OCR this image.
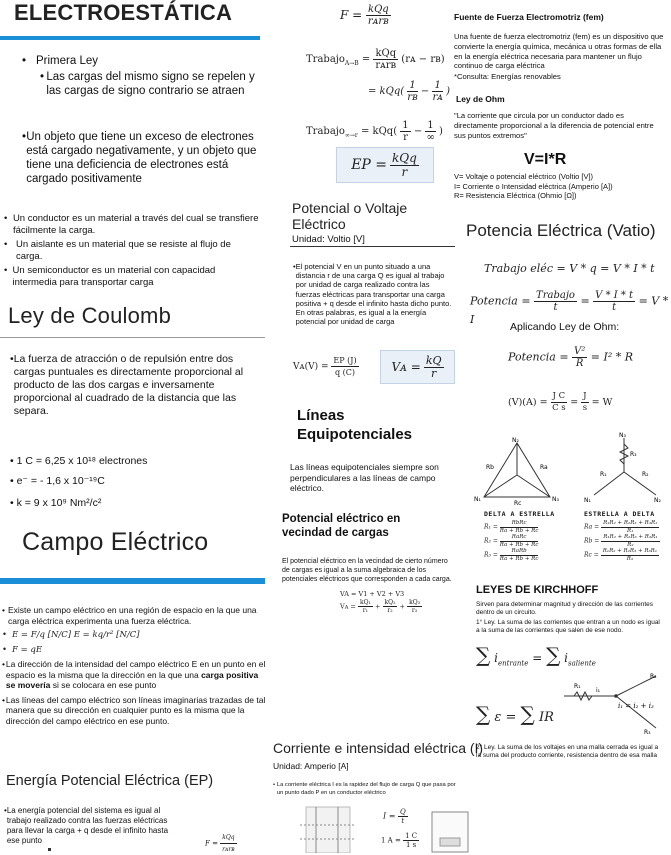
ELECTROESTÁTICA
• Primera Ley
• Las cargas del mismo signo se repelen y las cargas de signo contrario se atraen
• Un objeto que tiene un exceso de electrones está cargado negativamente, y un objeto que tiene una deficiencia de electrones está cargado positivamente
• Un conductor es un material a través del cual se transfiere fácilmente la carga.
• Un aislante es un material que se resiste al flujo de carga.
• Un semiconductor es un material con capacidad intermedia para transportar carga
Ley de Coulomb
• La fuerza de atracción o de repulsión entre dos cargas puntuales es directamente proporcional al producto de las dos cargas e inversamente proporcional al cuadrado de la distancia que las separa.
• 1 C = 6,25 x 10¹⁸ electrones
• e⁻ = - 1,6 x 10⁻¹⁹C
• k = 9 x 10⁹ Nm²/c²
Campo Eléctrico
• Existe un campo eléctrico en una región de espacio en la que una carga eléctrica experimenta una fuerza eléctrica.
• E = F/q [N/C] E = kq/r² [N/C]
• F = qE
• La dirección de la intensidad del campo eléctrico E en un punto en el espacio es la misma que la dirección en la que una carga positiva se movería si se colocara en ese punto
• Las líneas del campo eléctrico son líneas imaginarias trazadas de tal manera que su dirección en cualquier punto es la misma que la dirección del campo eléctrico en ese punto.
Energía Potencial Eléctrica (EP)
• La energía potencial del sistema es igual al trabajo realizado contra las fuerzas eléctricas para llevar la carga + q desde el infinito hasta ese punto	$F = \frac{\text{kQq}}{\text{rᴀrʙ}}$
$F = \frac{\text{kQq}}{\text{rᴀrʙ}}$
Trabajo$_{A\to B}$ = $\frac{\text{kQq}}{\text{rᴀrʙ}}$ (rᴀ − rʙ)
= $kQq( \frac{1}{\text{rʙ}} - \frac{1}{\text{rᴀ}}$ )
Trabajo$_{\infty\to r}$ = $kQq( \frac{1}{r} - \frac{1}{\infty}$ )
EP = $\frac{\text{kQq}}{r}$
Potencial o Voltaje Eléctrico
Unidad: Voltio [V]
• El potencial V en un punto situado a una distancia r de una carga Q es igual al trabajo por unidad de carga realizado contra las fuerzas eléctricas para transportar una carga positiva + q desde el infinito hasta dicho punto. En otras palabras, es igual a la energía potencial por unidad de carga
Vᴀ(V) = $\frac{EP (J)}{q (C)}$	Vᴀ = $\frac{kQ}{r}$
Líneas Equipotenciales
Las líneas equipotenciales siempre son perpendiculares a las líneas de campo eléctrico.
Potencial eléctrico en vecindad de cargas
El potencial eléctrico en la vecindad de cierto número de cargas es igual a la suma algebraica de los potenciales eléctricos que corresponden a cada carga.
VA = V1 + V2 + V3
Vᴀ = $\frac{\text{kQ₁}}{\text{r₁}} + \frac{\text{kQ₂}}{\text{r₂}} + \frac{\text{kQ₃}}{\text{r₃}}$
Corriente e intensidad eléctrica (I)
Unidad: Amperio [A]
• La corriente eléctrica I es la rapidez del flujo de carga Q que pasa por un punto dado P en un conductor eléctrico
$I = \frac{Q}{t}$
1 $A = \frac{1 C}{1 s}$
Fuente de Fuerza Electromotriz (fem)
Una fuente de fuerza electromotriz (fem) es un dispositivo que convierte la energía química, mecánica u otras formas de ella en la energía eléctrica necesaria para mantener un flujo continuo de carga eléctrica
*Consulta: Energías renovables
Ley de Ohm
"La corriente que circula por un conductor dado es directamente proporcional a la diferencia de potencial entre sus puntos extremos"
V=I*R
V= Voltaje o potencial eléctrico (Voltio [V])
I= Corriente o Intensidad eléctrica (Amperio [A])
R= Resistencia Eléctrica (Ohmio [Ω])
Potencia Eléctrica (Vatio)
Trabajo eléc = V * q = V * I * t
Potencia = $\frac{\text{Trabajo}}{t} = \frac{V * I * t}{t} = V * I$
Aplicando Ley de Ohm:
Potencia = $\frac{\text{V²}}{R} = I^2 * R$
$(V)(A) = \frac{\text{J C}}{\text{C s}} = \frac{J}{s} = W$
N₂
N₁	N₃
Rb	Ra
Rc
N₃
N₁	N₂
R₁	R₂
R₃
DELTA A ESTRELLA	ESTRELLA A DELTA
$R_1 = \frac{\text{RbRc}}{Ra + Rb + Rc}$
$R_2 = \frac{\text{RaRc}}{Ra + Rb + Rc}$
$R_3 = \frac{\text{RaRb}}{Ra + Rb + Rc}$
$Ra = \frac{\text{R₁R₂ + R₂R₃ + R₃R₁}}{\text{R₁}}$
$Rb = \frac{\text{R₁R₂ + R₂R₃ + R₃R₁}}{\text{R₂}}$
$Rc = \frac{\text{R₁R₂ + R₂R₃ + R₃R₁}}{\text{R₃}}$
LEYES DE KIRCHHOFF
Sirven para determinar magnitud y dirección de las corrientes dentro de un circuito.
1° Ley. La suma de las corrientes que entran a un nodo es igual a la suma de las corrientes que salen de ese nodo.
∑ $i_{entrante}$ = ∑ $i_{saliente}$
R₁
i₁
R₂
R₃
i₁ = i₂ + i₃
∑ ε = ∑ IR
2° Ley. La suma de los voltajes en una malla cerrada es igual a la suma del producto corriente, resistencia dentro de esa malla
